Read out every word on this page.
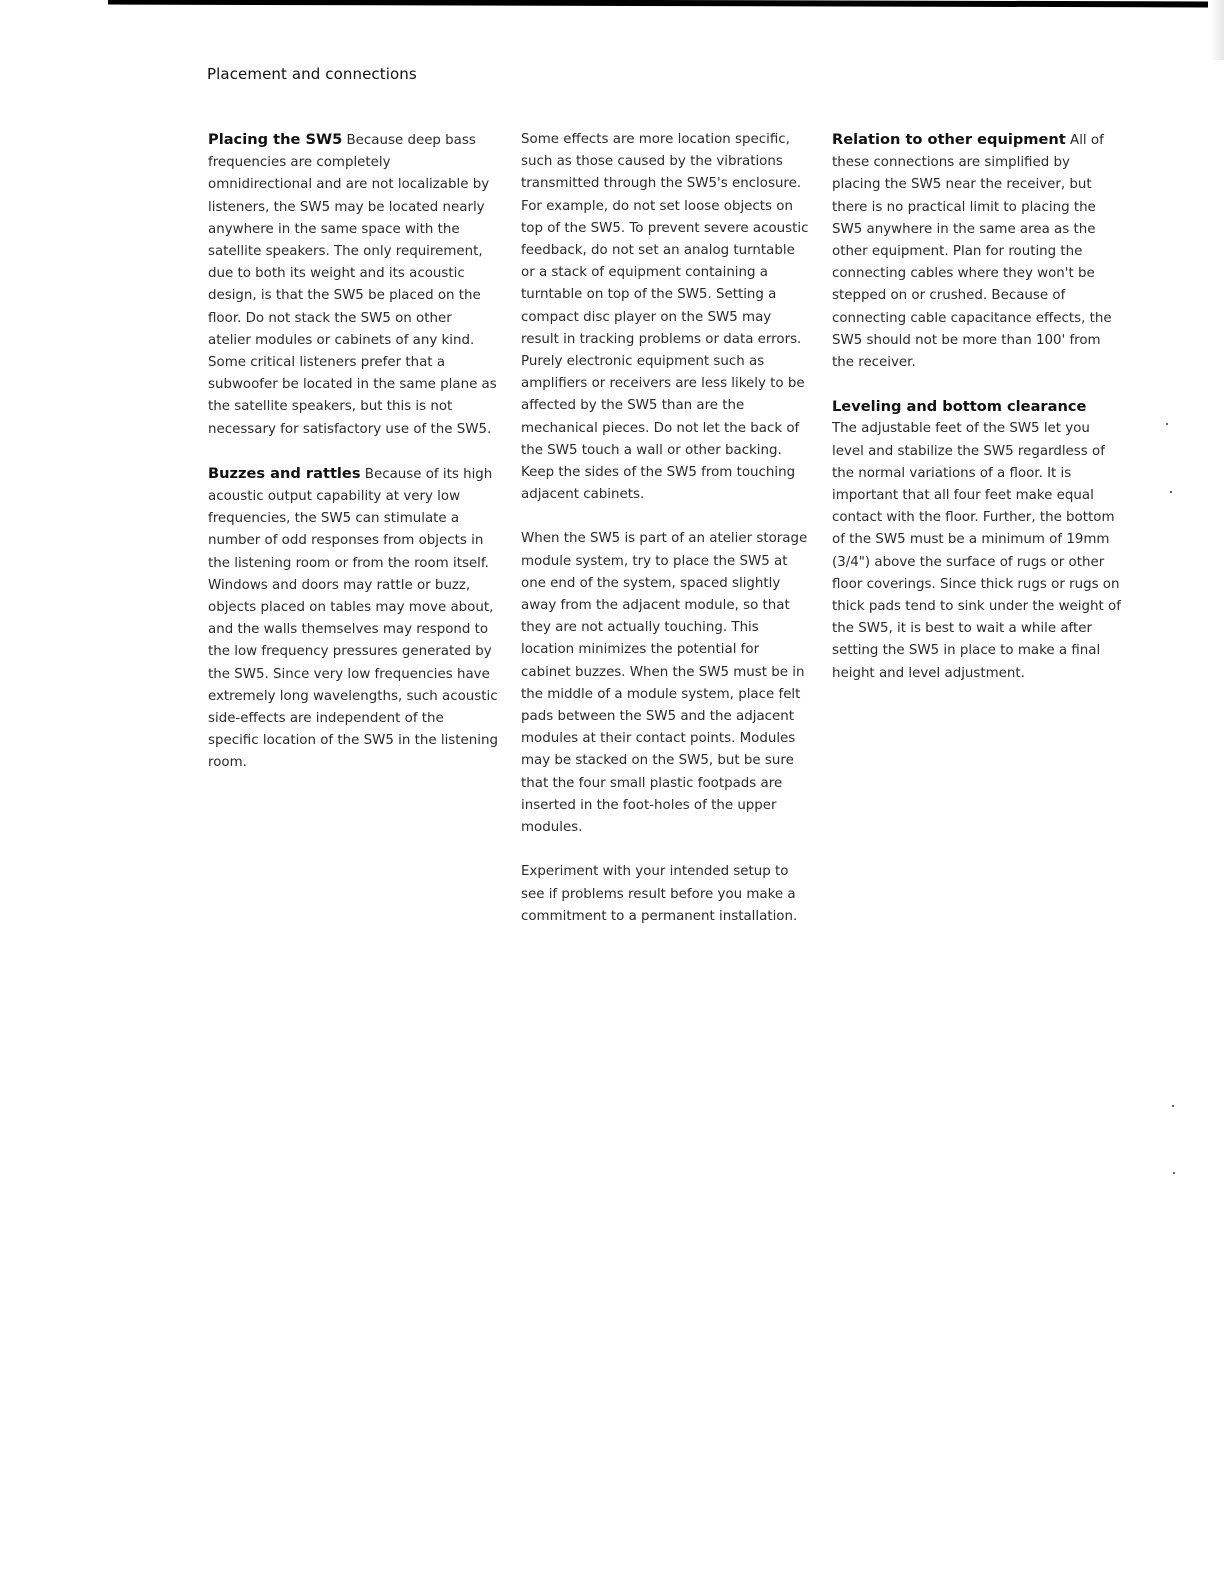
Placement and connections

Placing the SW5 Because deep bass frequencies are completely omnidirectional and are not localizable by listeners, the SW5 may be located nearly anywhere in the same space with the satellite speakers. The only requirement, due to both its weight and its acoustic design, is that the SW5 be placed on the floor. Do not stack the SW5 on other atelier modules or cabinets of any kind. Some critical listeners prefer that a subwoofer be located in the same plane as the satellite speakers, but this is not necessary for satisfactory use of the SW5.

Buzzes and rattles Because of its high acoustic output capability at very low frequencies, the SW5 can stimulate a number of odd responses from objects in the listening room or from the room itself. Windows and doors may rattle or buzz, objects placed on tables may move about, and the walls themselves may respond to the low frequency pressures generated by the SW5. Since very low frequencies have extremely long wavelengths, such acoustic side-effects are independent of the specific location of the SW5 in the listening room.

Some effects are more location specific, such as those caused by the vibrations transmitted through the SW5's enclosure. For example, do not set loose objects on top of the SW5. To prevent severe acoustic feedback, do not set an analog turntable or a stack of equipment containing a turntable on top of the SW5. Setting a compact disc player on the SW5 may result in tracking problems or data errors. Purely electronic equipment such as amplifiers or receivers are less likely to be affected by the SW5 than are the mechanical pieces. Do not let the back of the SW5 touch a wall or other backing. Keep the sides of the SW5 from touching adjacent cabinets.

When the SW5 is part of an atelier storage module system, try to place the SW5 at one end of the system, spaced slightly away from the adjacent module, so that they are not actually touching. This location minimizes the potential for cabinet buzzes. When the SW5 must be in the middle of a module system, place felt pads between the SW5 and the adjacent modules at their contact points. Modules may be stacked on the SW5, but be sure that the four small plastic footpads are inserted in the foot-holes of the upper modules.

Experiment with your intended setup to see if problems result before you make a commitment to a permanent installation.

Relation to other equipment All of these connections are simplified by placing the SW5 near the receiver, but there is no practical limit to placing the SW5 anywhere in the same area as the other equipment. Plan for routing the connecting cables where they won't be stepped on or crushed. Because of connecting cable capacitance effects, the SW5 should not be more than 100' from the receiver.

Leveling and bottom clearance
The adjustable feet of the SW5 let you level and stabilize the SW5 regardless of the normal variations of a floor. It is important that all four feet make equal contact with the floor. Further, the bottom of the SW5 must be a minimum of 19mm (3/4") above the surface of rugs or other floor coverings. Since thick rugs or rugs on thick pads tend to sink under the weight of the SW5, it is best to wait a while after setting the SW5 in place to make a final height and level adjustment.
